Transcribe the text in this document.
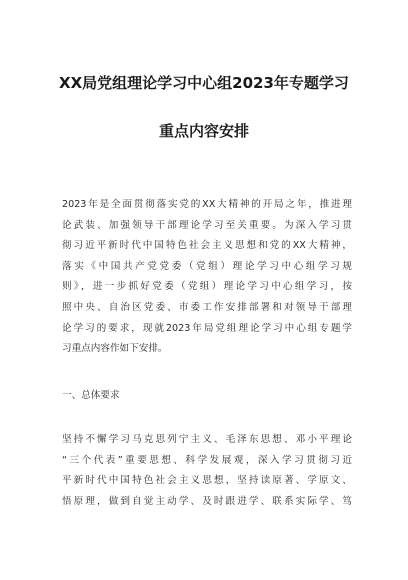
XX局党组理论学习中心组2023年专题学习
重点内容安排
2023年是全面贯彻落实党的XX大精神的开局之年，推进理
论武装、加强领导干部理论学习至关重要。为深入学习贯
彻习近平新时代中国特色社会主义思想和党的XX大精神，
落实《中国共产党党委（党组）理论学习中心组学习规
则》，进一步抓好党委（党组）理论学习中心组学习，按
照中央、自治区党委、市委工作安排部署和对领导干部理
论学习的要求，现就2023年局党组理论学习中心组专题学
习重点内容作如下安排。
一、总体要求
坚持不懈学习马克思列宁主义、毛泽东思想、邓小平理论
“三个代表”重要思想、科学发展观，深入学习贯彻习近
平新时代中国特色社会主义思想，坚持读原著、学原文、
悟原理，做到自觉主动学、及时跟进学、联系实际学、笃
